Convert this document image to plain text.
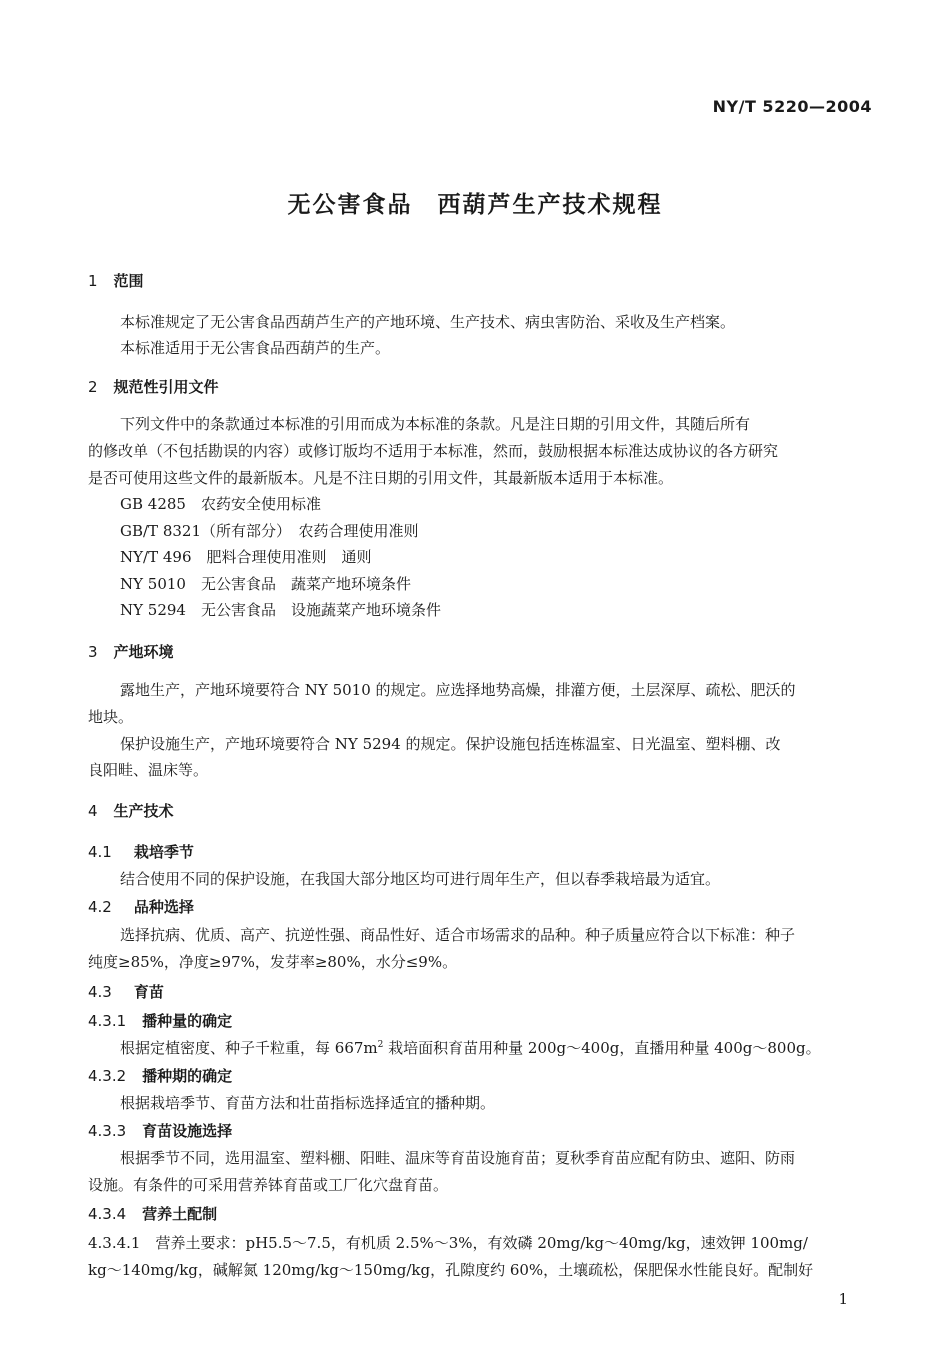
NY/T 5220—2004
无公害食品　西葫芦生产技术规程
1 范围
本标准规定了无公害食品西葫芦生产的产地环境、生产技术、病虫害防治、采收及生产档案。
本标准适用于无公害食品西葫芦的生产。
2 规范性引用文件
下列文件中的条款通过本标准的引用而成为本标准的条款。凡是注日期的引用文件，其随后所有
的修改单（不包括勘误的内容）或修订版均不适用于本标准，然而，鼓励根据本标准达成协议的各方研究
是否可使用这些文件的最新版本。凡是不注日期的引用文件，其最新版本适用于本标准。
GB 4285　农药安全使用标准
GB/T 8321（所有部分）　农药合理使用准则
NY/T 496　肥料合理使用准则　通则
NY 5010　无公害食品　蔬菜产地环境条件
NY 5294　无公害食品　设施蔬菜产地环境条件
3 产地环境
露地生产，产地环境要符合 NY 5010 的规定。应选择地势高燥，排灌方便，土层深厚、疏松、肥沃的
地块。
保护设施生产，产地环境要符合 NY 5294 的规定。保护设施包括连栋温室、日光温室、塑料棚、改
良阳畦、温床等。
4 生产技术
4.1 栽培季节
结合使用不同的保护设施，在我国大部分地区均可进行周年生产，但以春季栽培最为适宜。
4.2 品种选择
选择抗病、优质、高产、抗逆性强、商品性好、适合市场需求的品种。种子质量应符合以下标准：种子
纯度≥85%，净度≥97%，发芽率≥80%，水分≤9%。
4.3 育苗
4.3.1 播种量的确定
根据定植密度、种子千粒重，每 $667m^2$ 栽培面积育苗用种量 200g～400g，直播用种量 400g～800g。
4.3.2 播种期的确定
根据栽培季节、育苗方法和壮苗指标选择适宜的播种期。
4.3.3 育苗设施选择
根据季节不同，选用温室、塑料棚、阳畦、温床等育苗设施育苗；夏秋季育苗应配有防虫、遮阳、防雨
设施。有条件的可采用营养钵育苗或工厂化穴盘育苗。
4.3.4 营养土配制
4.3.4.1　营养土要求：pH5.5～7.5，有机质 2.5%～3%，有效磷 20mg/kg～40mg/kg，速效钾 100mg/
kg～140mg/kg，碱解氮 120mg/kg～150mg/kg，孔隙度约 60%，土壤疏松，保肥保水性能良好。配制好
1
